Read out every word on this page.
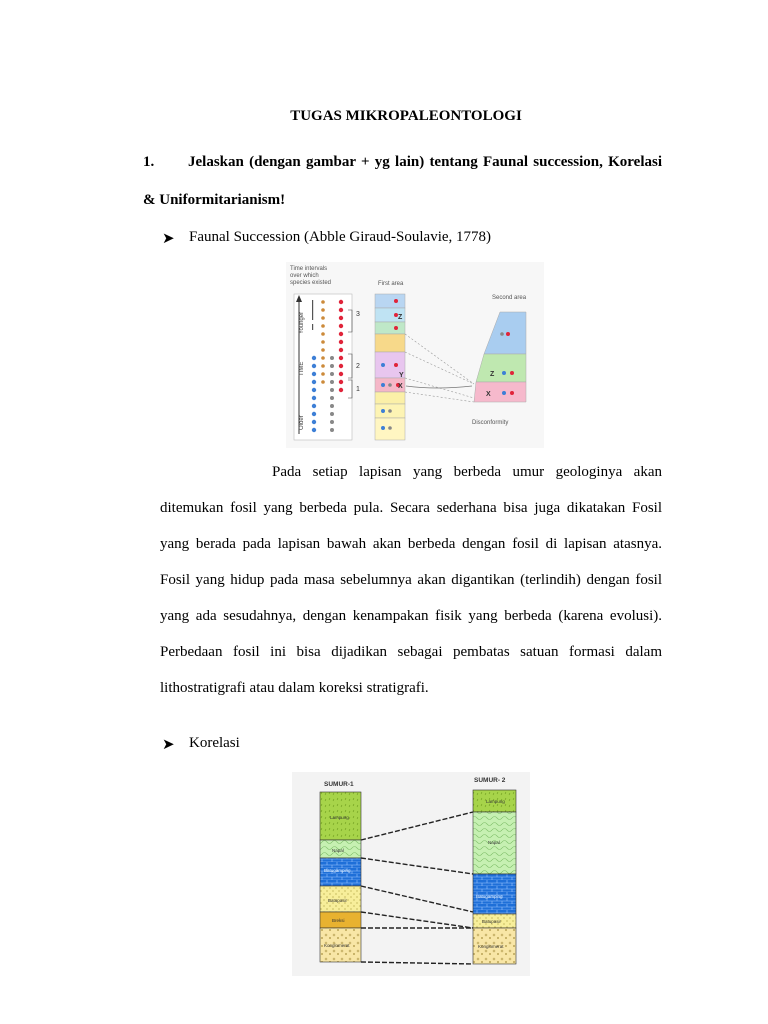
TUGAS MIKROPALEONTOLOGI
1. Jelaskan (dengan gambar + yg lain) tentang Faunal succession, Korelasi
& Uniformitarianism!
➤ Faunal Succession (Abble Giraud-Soulavie, 1778)
Time intervals
over which
species existed
Younger
TIME
Older
3
2
1
First area
Z
Y
X
Second area
Z
X
Disconformity
Pada setiap lapisan yang berbeda umur geologinya akan
ditemukan fosil yang berbeda pula. Secara sederhana bisa juga dikatakan Fosil
yang berada pada lapisan bawah akan berbeda dengan fosil di lapisan atasnya.
Fosil yang hidup pada masa sebelumnya akan digantikan (terlindih) dengan fosil
yang ada sesudahnya, dengan kenampakan fisik yang berbeda (karena evolusi).
Perbedaan fosil ini bisa dijadikan sebagai pembatas satuan formasi dalam
lithostratigrafi atau dalam koreksi stratigrafi.
➤ Korelasi
SUMUR-1
SUMUR- 2
Lampung
Napal
Batugamping
Batupasir
Breksi
Konglomerat
Lampung
Napal
Batugamping
Batupasir
Konglomerat
